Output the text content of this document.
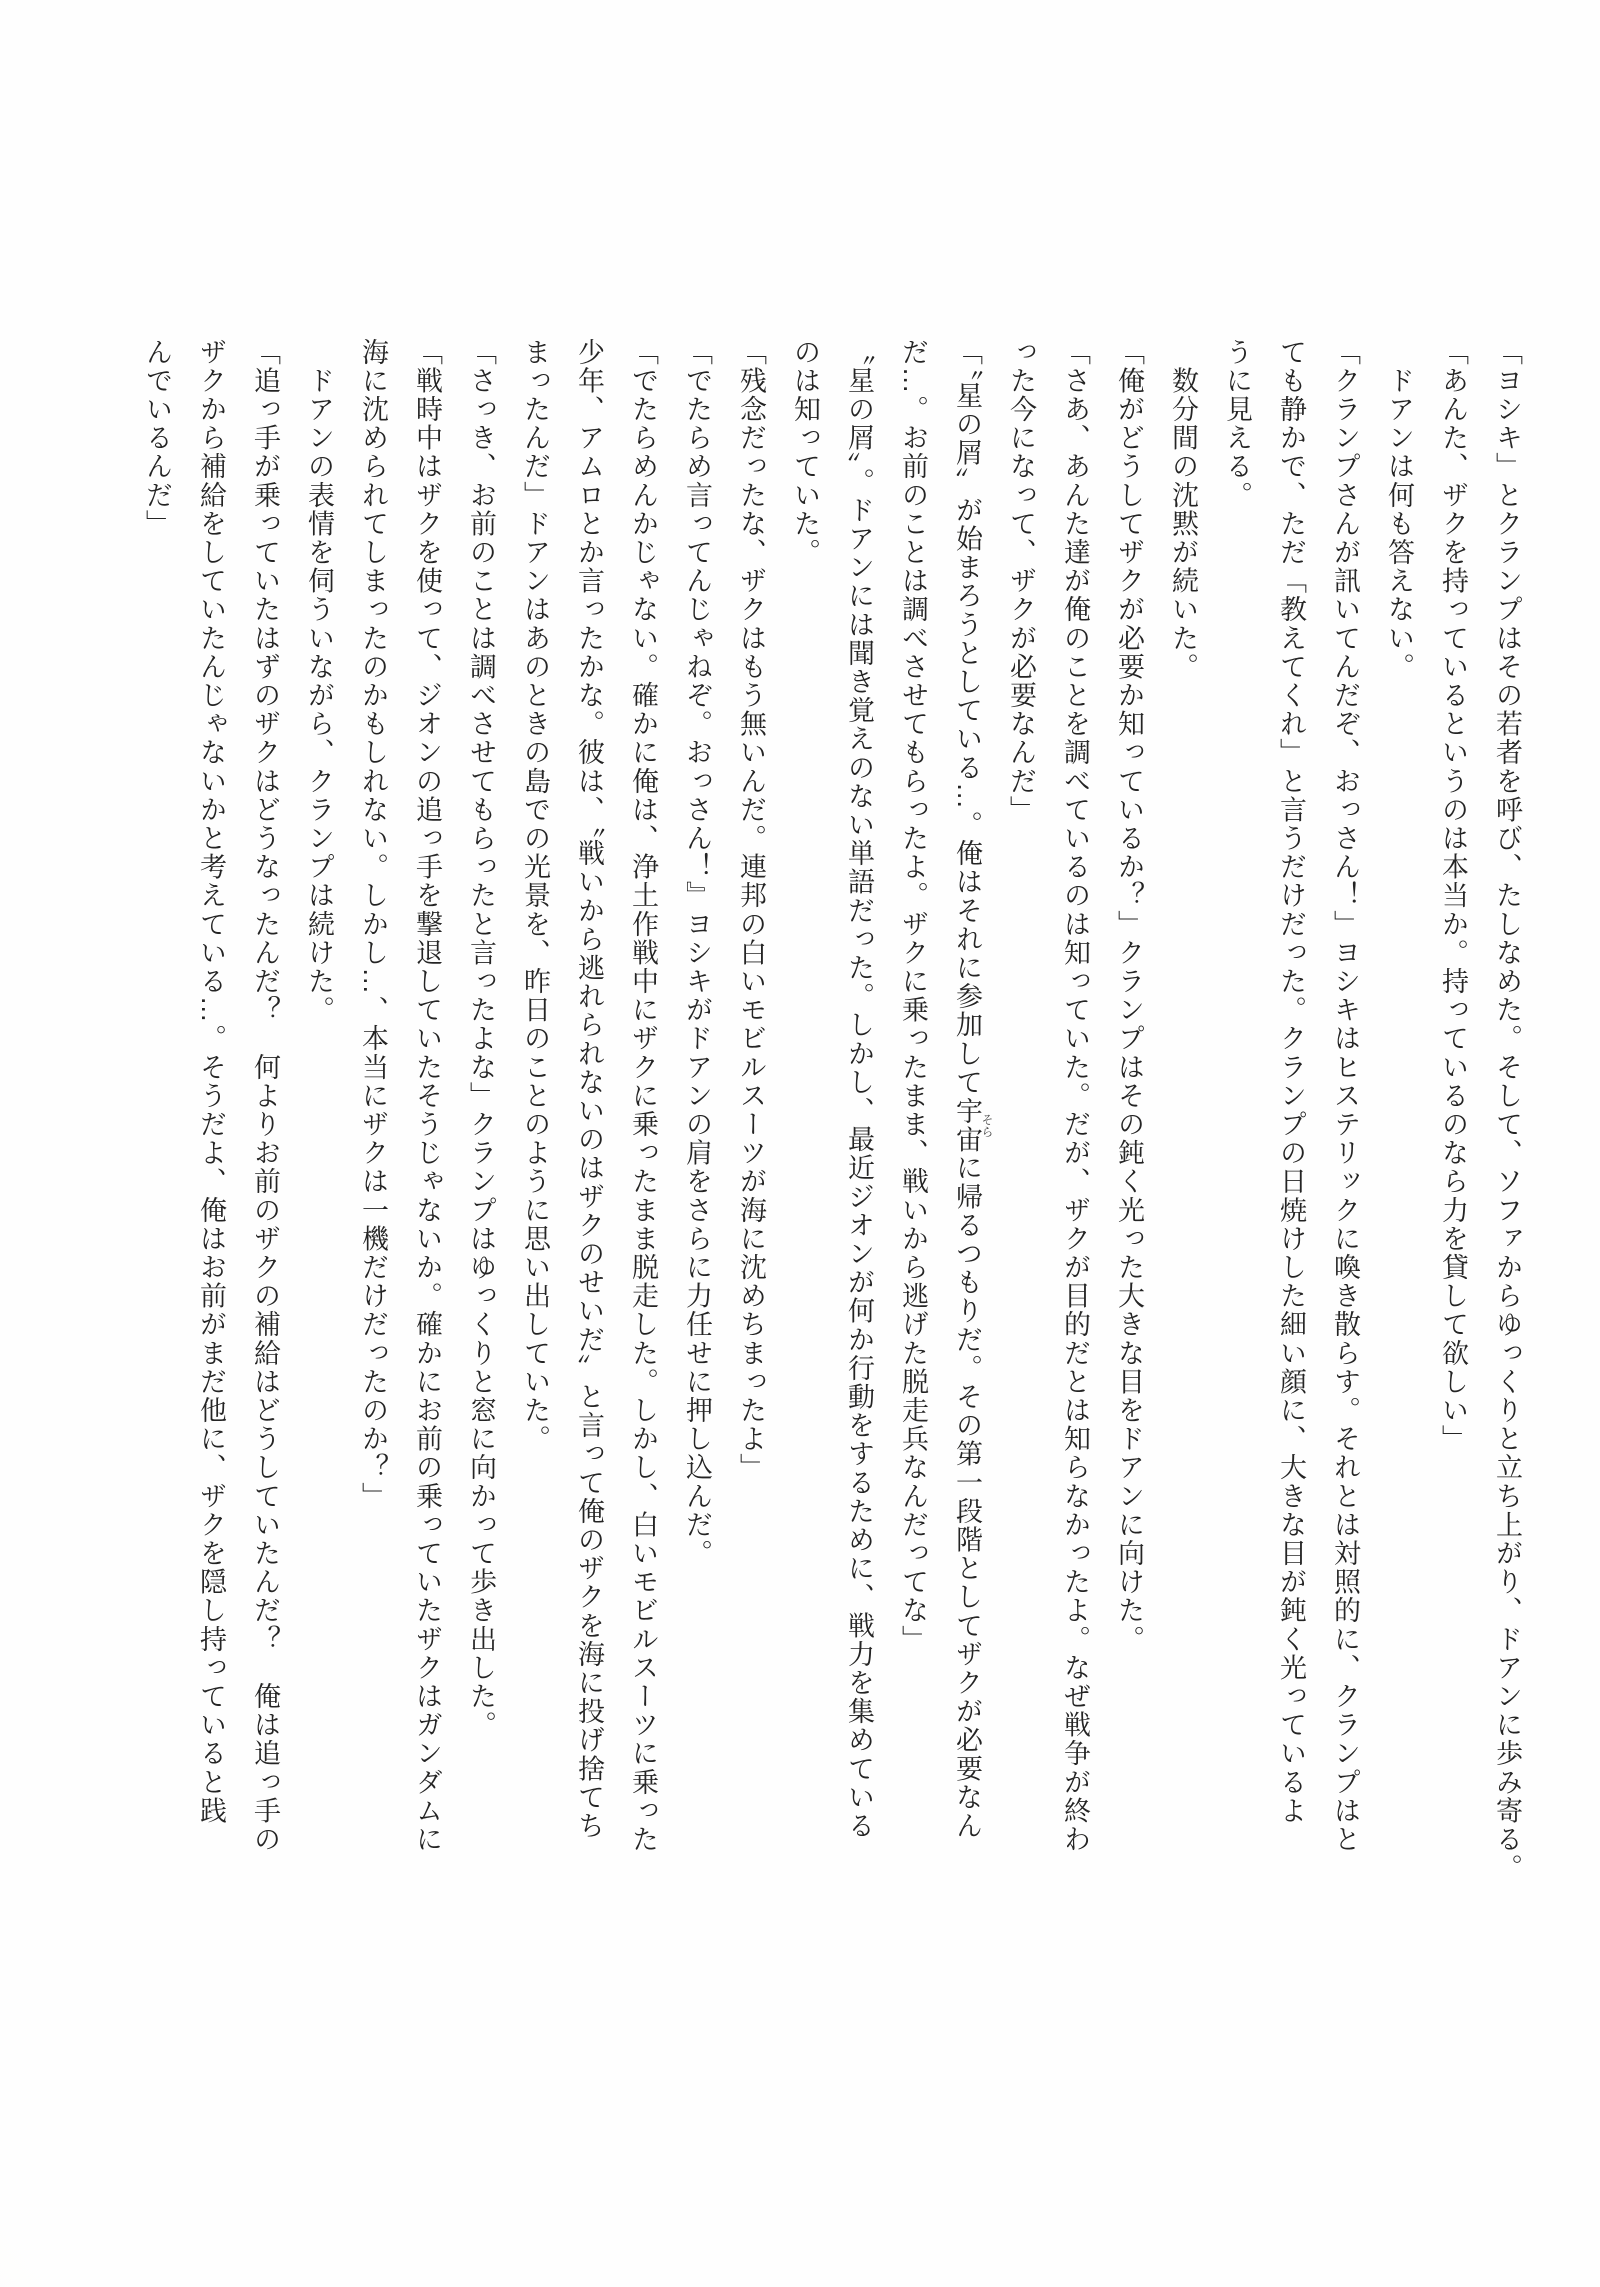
「ヨシキ」とクランプはその若者を呼び、たしなめた。そして、ソファからゆっくりと立ち上がり、ドアンに歩み寄る。

「あんた、ザクを持っているというのは本当か。持っているのなら力を貸して欲しい」

　ドアンは何も答えない。

「クランプさんが訊いてんだぞ、おっさん！」ヨシキはヒステリックに喚き散らす。それとは対照的に、クランプはと

ても静かで、ただ「教えてくれ」と言うだけだった。クランプの日焼けした細い顔に、大きな目が鈍く光っているよ

うに見える。

　数分間の沈黙が続いた。

「俺がどうしてザクが必要か知っているか？」クランプはその鈍く光った大きな目をドアンに向けた。

「さあ、あんた達が俺のことを調べているのは知っていた。だが、ザクが目的だとは知らなかったよ。なぜ戦争が終わ

った今になって、ザクが必要なんだ」

「〝星の屑〟が始まろうとしている…。俺はそれに参加して宇宙そらに帰るつもりだ。その第一段階としてザクが必要なん

だ…。お前のことは調べさせてもらったよ。ザクに乗ったまま、戦いから逃げた脱走兵なんだってな」

〝星の屑〟。ドアンには聞き覚えのない単語だった。しかし、最近ジオンが何か行動をするために、戦力を集めている

のは知っていた。

「残念だったな、ザクはもう無いんだ。連邦の白いモビルスーツが海に沈めちまったよ」

「でたらめ言ってんじゃねぞ。おっさん！』ヨシキがドアンの肩をさらに力任せに押し込んだ。

「でたらめんかじゃない。確かに俺は、浄土作戦中にザクに乗ったまま脱走した。しかし、白いモビルスーツに乗った

少年、アムロとか言ったかな。彼は、〝戦いから逃れられないのはザクのせいだ〟と言って俺のザクを海に投げ捨てち

まったんだ」ドアンはあのときの島での光景を、昨日のことのように思い出していた。

「さっき、お前のことは調べさせてもらったと言ったよな」クランプはゆっくりと窓に向かって歩き出した。

「戦時中はザクを使って、ジオンの追っ手を撃退していたそうじゃないか。確かにお前の乗っていたザクはガンダムに

海に沈められてしまったのかもしれない。しかし…、本当にザクは一機だけだったのか？」

　ドアンの表情を伺ういながら、クランプは続けた。

「追っ手が乗っていたはずのザクはどうなったんだ？　何よりお前のザクの補給はどうしていたんだ？　俺は追っ手の

ザクから補給をしていたんじゃないかと考えている…。そうだよ、俺はお前がまだ他に、ザクを隠し持っていると践

んでいるんだ」
